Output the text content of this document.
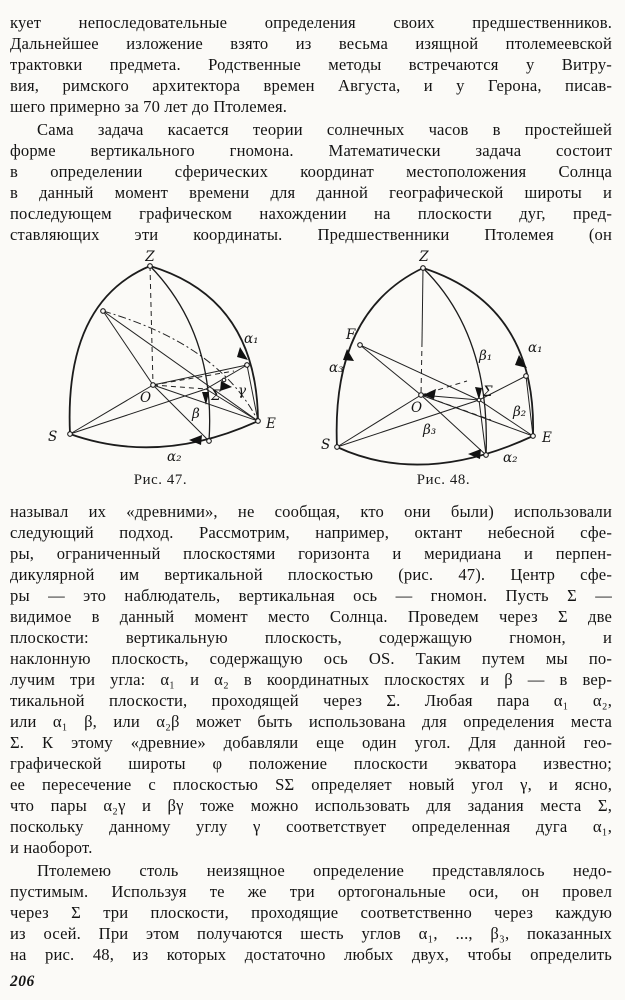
кует непоследовательные определения своих предшественников.
Дальнейшее изложение взято из весьма изящной птолемеевской
трактовки предмета. Родственные методы встречаются у Витру-
вия, римского архитектора времен Августа, и у Герона, писав-
шего примерно за 70 лет до Птолемея.
Сама задача касается теории солнечных часов в простейшей
форме вертикального гномона. Математически задача состоит
в определении сферических координат местоположения Солнца
в данный момент времени для данной географической широты и
последующем графическом нахождении на плоскости дуг, пред-
ставляющих эти координаты. Предшественники Птолемея (он
Z
S
E
O	Σ
β
γ
α₁
α₂
Рис. 47.
Z
F
S	E
O
Σ
α₁
α₂
α₃
β₁
β₂
β₃
Рис. 48.
называл их «древними», не сообщая, кто они были) использовали
следующий подход. Рассмотрим, например, октант небесной сфе-
ры, ограниченный плоскостями горизонта и меридиана и перпен-
дикулярной им вертикальной плоскостью (рис. 47). Центр сфе-
ры — это наблюдатель, вертикальная ось — гномон. Пусть Σ —
видимое в данный момент место Солнца. Проведем через Σ две
плоскости: вертикальную плоскость, содержащую гномон, и
наклонную плоскость, содержащую ось OS. Таким путем мы по-
лучим три угла: α₁ и α₂ в координатных плоскостях и β — в вер-
тикальной плоскости, проходящей через Σ. Любая пара α₁ α₂,
или α₁ β, или α₂β может быть использована для определения места
Σ. К этому «древние» добавляли еще один угол. Для данной гео-
графической широты φ положение плоскости экватора известно;
ее пересечение с плоскостью SΣ определяет новый угол γ, и ясно,
что пары α₂γ и βγ тоже можно использовать для задания места Σ,
поскольку данному углу γ соответствует определенная дуга α₁,
и наоборот.
Птолемею столь неизящное определение представлялось недо-
пустимым. Используя те же три ортогональные оси, он провел
через Σ три плоскости, проходящие соответственно через каждую
из осей. При этом получаются шесть углов α₁, ..., β₃, показанных
на рис. 48, из которых достаточно любых двух, чтобы определить
206
